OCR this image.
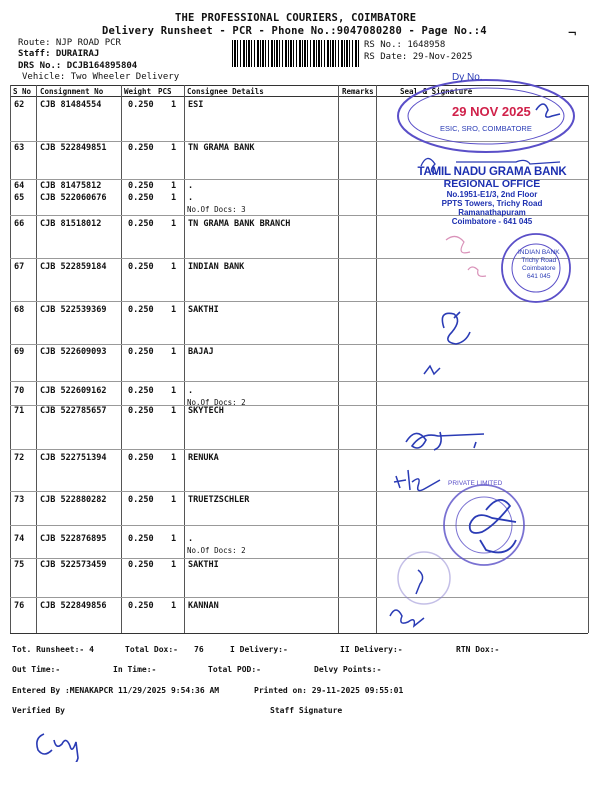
THE PROFESSIONAL COURIERS, COIMBATORE
Delivery Runsheet - PCR - Phone No.:9047080280 - Page No.:4
Route: NJP ROAD PCR
Staff: DURAIRAJ
DRS No.: DCJB164895804
Vehicle: Two Wheeler Delivery
RS No.: 1648958
RS Date: 29-Nov-2025
¬
S No Consignment No	Weight PCS Consignee Details	Remarks	Seal & Signature
62 CJB 81484554	0.250 1 ESI
63 CJB 522849851	0.250 1 TN GRAMA BANK
64 CJB 81475812	0.250 1 .
65 CJB 522060676	0.250 1 .
No.Of Docs: 3
66 CJB 81518012	0.250 1 TN GRAMA BANK BRANCH
67 CJB 522859184	0.250 1 INDIAN BANK
68 CJB 522539369	0.250 1 SAKTHI
69 CJB 522609093	0.250 1 BAJAJ
70 CJB 522609162	0.250 1 .
No.Of Docs: 2
71 CJB 522785657	0.250 1 SKYTECH
72 CJB 522751394	0.250 1 RENUKA
73 CJB 522880282	0.250 1 TRUETZSCHLER
74 CJB 522876895	0.250 1 .
No.Of Docs: 2
75 CJB 522573459	0.250 1 SAKTHI
76 CJB 522849856	0.250 1 KANNAN
Dy No.
29 NOV 2025
ESIC, SRO, COIMBATORE
TAMIL NADU GRAMA BANK
REGIONAL OFFICE
No.1951-E1/3, 2nd Floor
PPTS Towers, Trichy Road
Ramanathapuram
Coimbatore - 641 045
INDIAN BANK
Trichy Road
Coimbatore
641 045
PRIVATE LIMITED
Tot. Runsheet:- 4	Total Dox:- 76	I Delivery:-	II Delivery:-	RTN Dox:-
Out Time:-	In Time:-	Total POD:-	Delvy Points:-
Entered By :MENAKAPCR 11/29/2025 9:54:36 AM	Printed on: 29-11-2025 09:55:01
Verified By	Staff Signature
